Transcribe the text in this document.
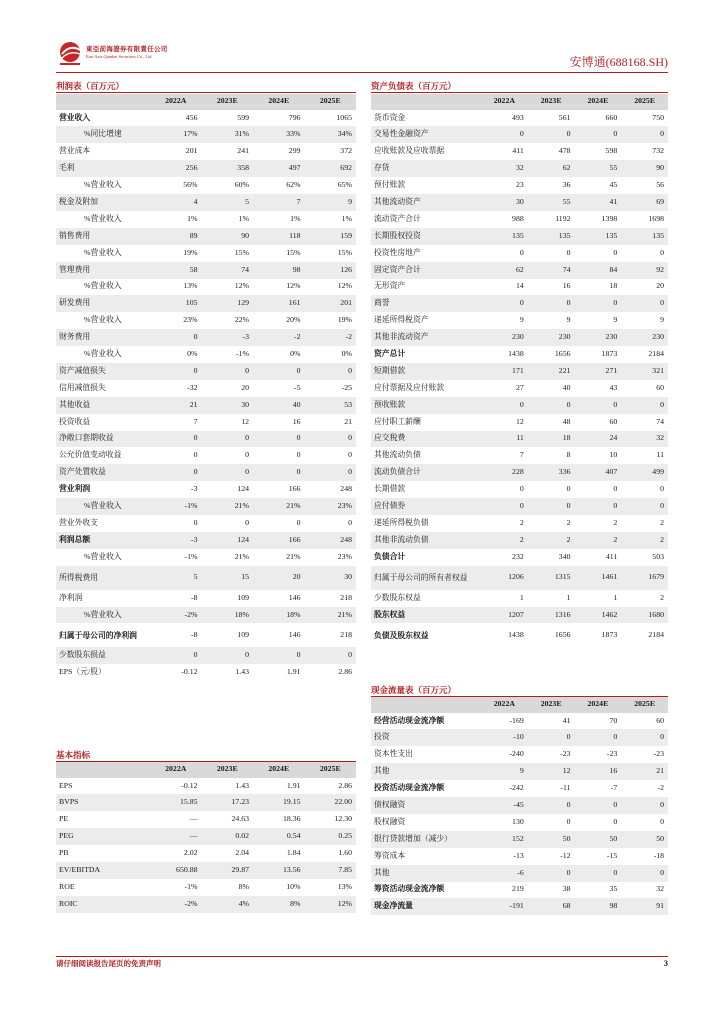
東亞前海證券有限責任公司
East Asia Qianhai Securities Co., Ltd.	安博通(688168.SH)
利润表（百万元）	资产负债表（百万元）
现金流量表（百万元）
基本指标
	2022A	2023E	2024E	2025E
营业收入	456	599	796	1065
%同比增速	17%	31%	33%	34%
营业成本	201	241	299	372
毛利	256	358	497	692
%营业收入	56%	60%	62%	65%
税金及附加	4	5	7	9
%营业收入	1%	1%	1%	1%
销售费用	89	90	118	159
%营业收入	19%	15%	15%	15%
管理费用	58	74	98	126
%营业收入	13%	12%	12%	12%
研发费用	105	129	161	201
%营业收入	23%	22%	20%	19%
财务费用	0	-3	-2	-2
%营业收入	0%	-1%	0%	0%
资产减值损失	0	0	0	0
信用减值损失	-32	20	-5	-25
其他收益	21	30	40	53
投资收益	7	12	16	21
净敞口套期收益	0	0	0	0
公允价值变动收益	0	0	0	0
资产处置收益	0	0	0	0
营业利润	-3	124	166	248
%营业收入	-1%	21%	21%	23%
营业外收支	0	0	0	0
利润总额	-3	124	166	248
%营业收入	-1%	21%	21%	23%
所得税费用	5	15	20	30
净利润	-8	109	146	218
%营业收入	-2%	18%	18%	21%
归属于母公司的净利润	-8	109	146	218
少数股东损益	0	0	0	0
EPS（元/股）	-0.12	1.43	1.91	2.86
	2022A	2023E	2024E	2025E
货币资金	493	561	660	750
交易性金融资产	0	0	0	0
应收账款及应收票据	411	478	598	732
存货	32	62	55	90
预付账款	23	36	45	56
其他流动资产	30	55	41	69
流动资产合计	988	1192	1398	1698
长期股权投资	135	135	135	135
投资性房地产	0	0	0	0
固定资产合计	62	74	84	92
无形资产	14	16	18	20
商誉	0	0	0	0
递延所得税资产	9	9	9	9
其他非流动资产	230	230	230	230
资产总计	1438	1656	1873	2184
短期借款	171	221	271	321
应付票据及应付账款	27	40	43	60
预收账款	0	0	0	0
应付职工薪酬	12	48	60	74
应交税费	11	18	24	32
其他流动负债	7	8	10	11
流动负债合计	228	336	407	499
长期借款	0	0	0	0
应付债券	0	0	0	0
递延所得税负债	2	2	2	2
其他非流动负债	2	2	2	2
负债合计	232	340	411	503
归属于母公司的所有者权益	1206	1315	1461	1679
少数股东权益	1	1	1	2
股东权益	1207	1316	1462	1680
负债及股东权益	1438	1656	1873	2184
	2022A	2023E	2024E	2025E
经营活动现金流净额	-169	41	70	60
投资	-10	0	0	0
资本性支出	-240	-23	-23	-23
其他	9	12	16	21
投资活动现金流净额	-242	-11	-7	-2
债权融资	-45	0	0	0
股权融资	130	0	0	0
银行贷款增加（减少）	152	50	50	50
筹资成本	-13	-12	-15	-18
其他	-6	0	0	0
筹资活动现金流净额	219	38	35	32
现金净流量	-191	68	98	91
	2022A	2023E	2024E	2025E
EPS	-0.12	1.43	1.91	2.86
BVPS	15.85	17.23	19.15	22.00
PE	—	24.63	18.36	12.30
PEG	—	0.02	0.54	0.25
PB	2.02	2.04	1.84	1.60
EV/EBITDA	650.88	29.87	13.56	7.85
ROE	-1%	8%	10%	13%
ROIC	-2%	4%	8%	12%
请仔细阅读报告尾页的免责声明	3
